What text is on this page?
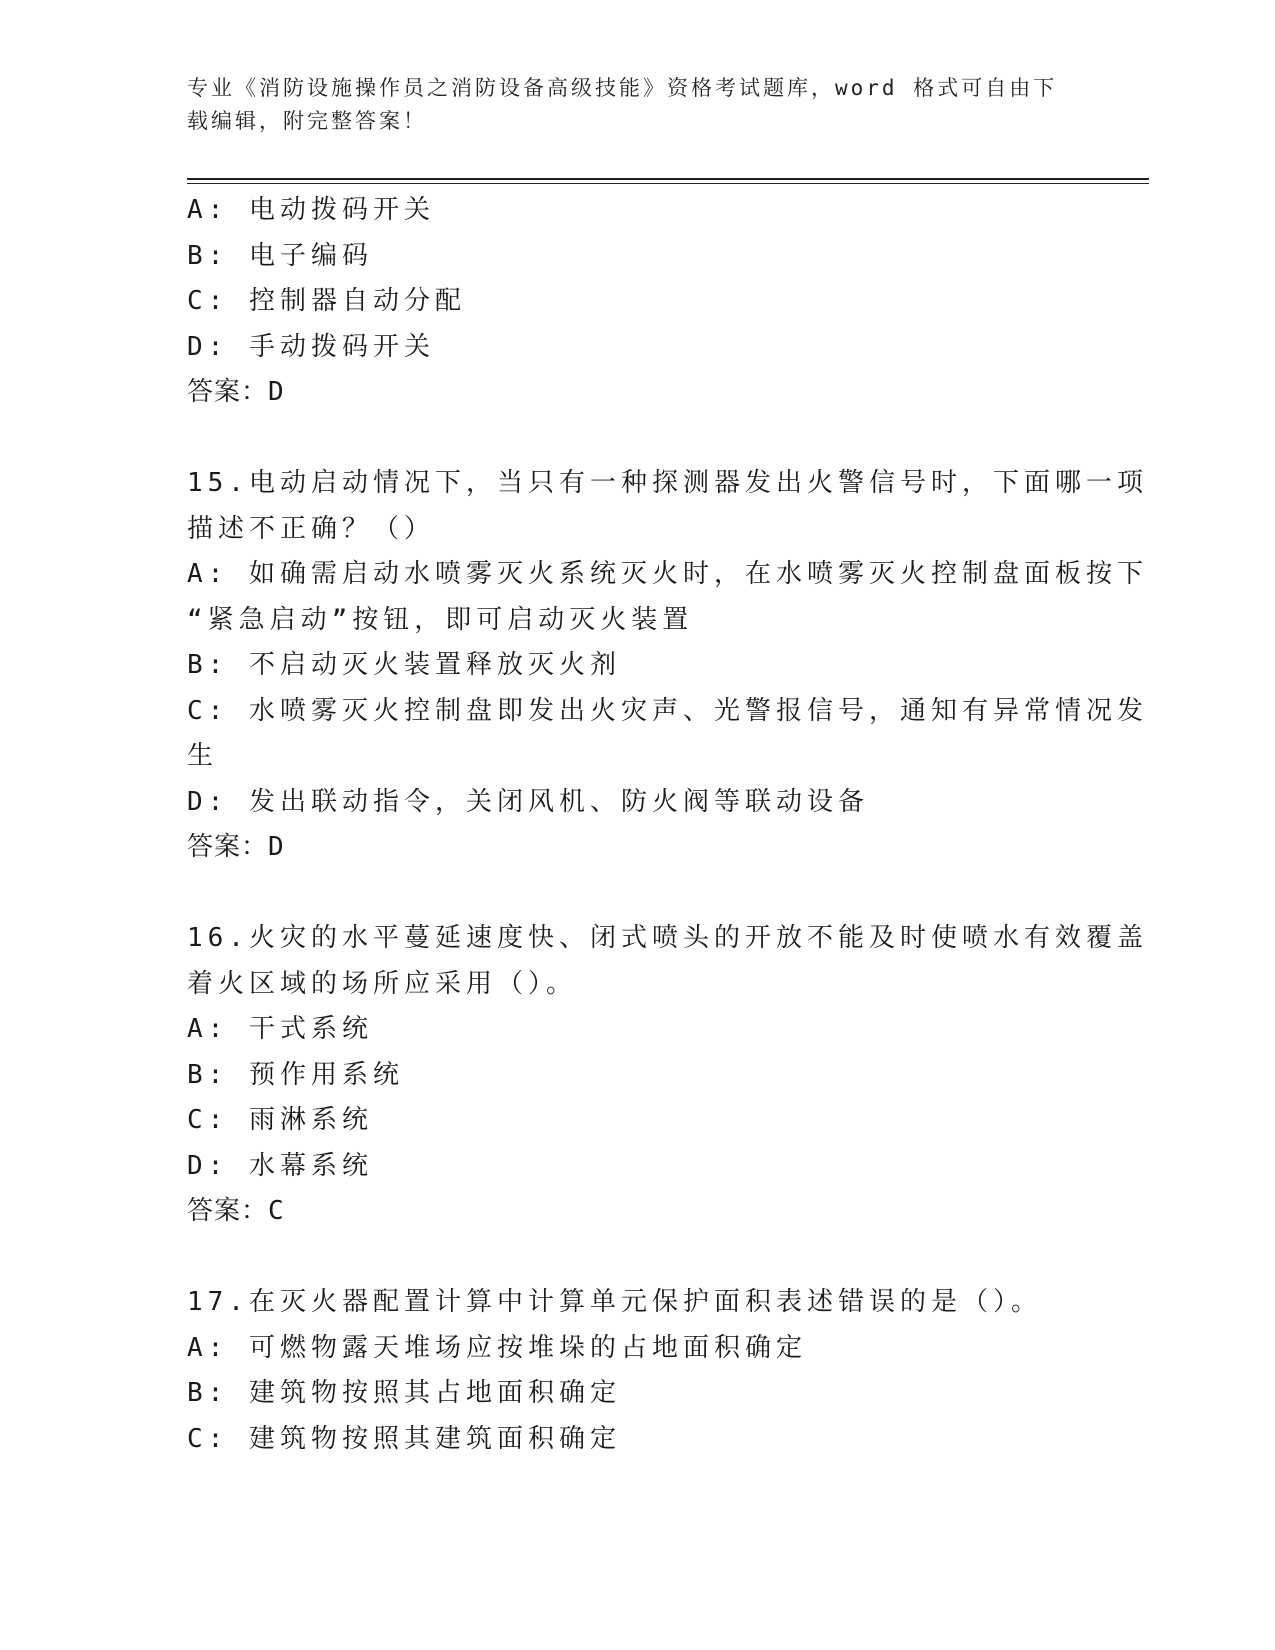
专业《消防设施操作员之消防设备高级技能》资格考试题库，word 格式可自由下
载编辑，附完整答案！
A: 电动拨码开关
B: 电子编码
C: 控制器自动分配
D: 手动拨码开关
答案：D
15.电动启动情况下，当只有一种探测器发出火警信号时，下面哪一项
描述不正确？（）
A: 如确需启动水喷雾灭火系统灭火时，在水喷雾灭火控制盘面板按下
“紧急启动”按钮，即可启动灭火装置
B: 不启动灭火装置释放灭火剂
C: 水喷雾灭火控制盘即发出火灾声、光警报信号，通知有异常情况发
生
D: 发出联动指令，关闭风机、防火阀等联动设备
答案：D
16.火灾的水平蔓延速度快、闭式喷头的开放不能及时使喷水有效覆盖
着火区域的场所应采用（）。
A: 干式系统
B: 预作用系统
C: 雨淋系统
D: 水幕系统
答案：C
17.在灭火器配置计算中计算单元保护面积表述错误的是（）。
A: 可燃物露天堆场应按堆垛的占地面积确定
B: 建筑物按照其占地面积确定
C: 建筑物按照其建筑面积确定
